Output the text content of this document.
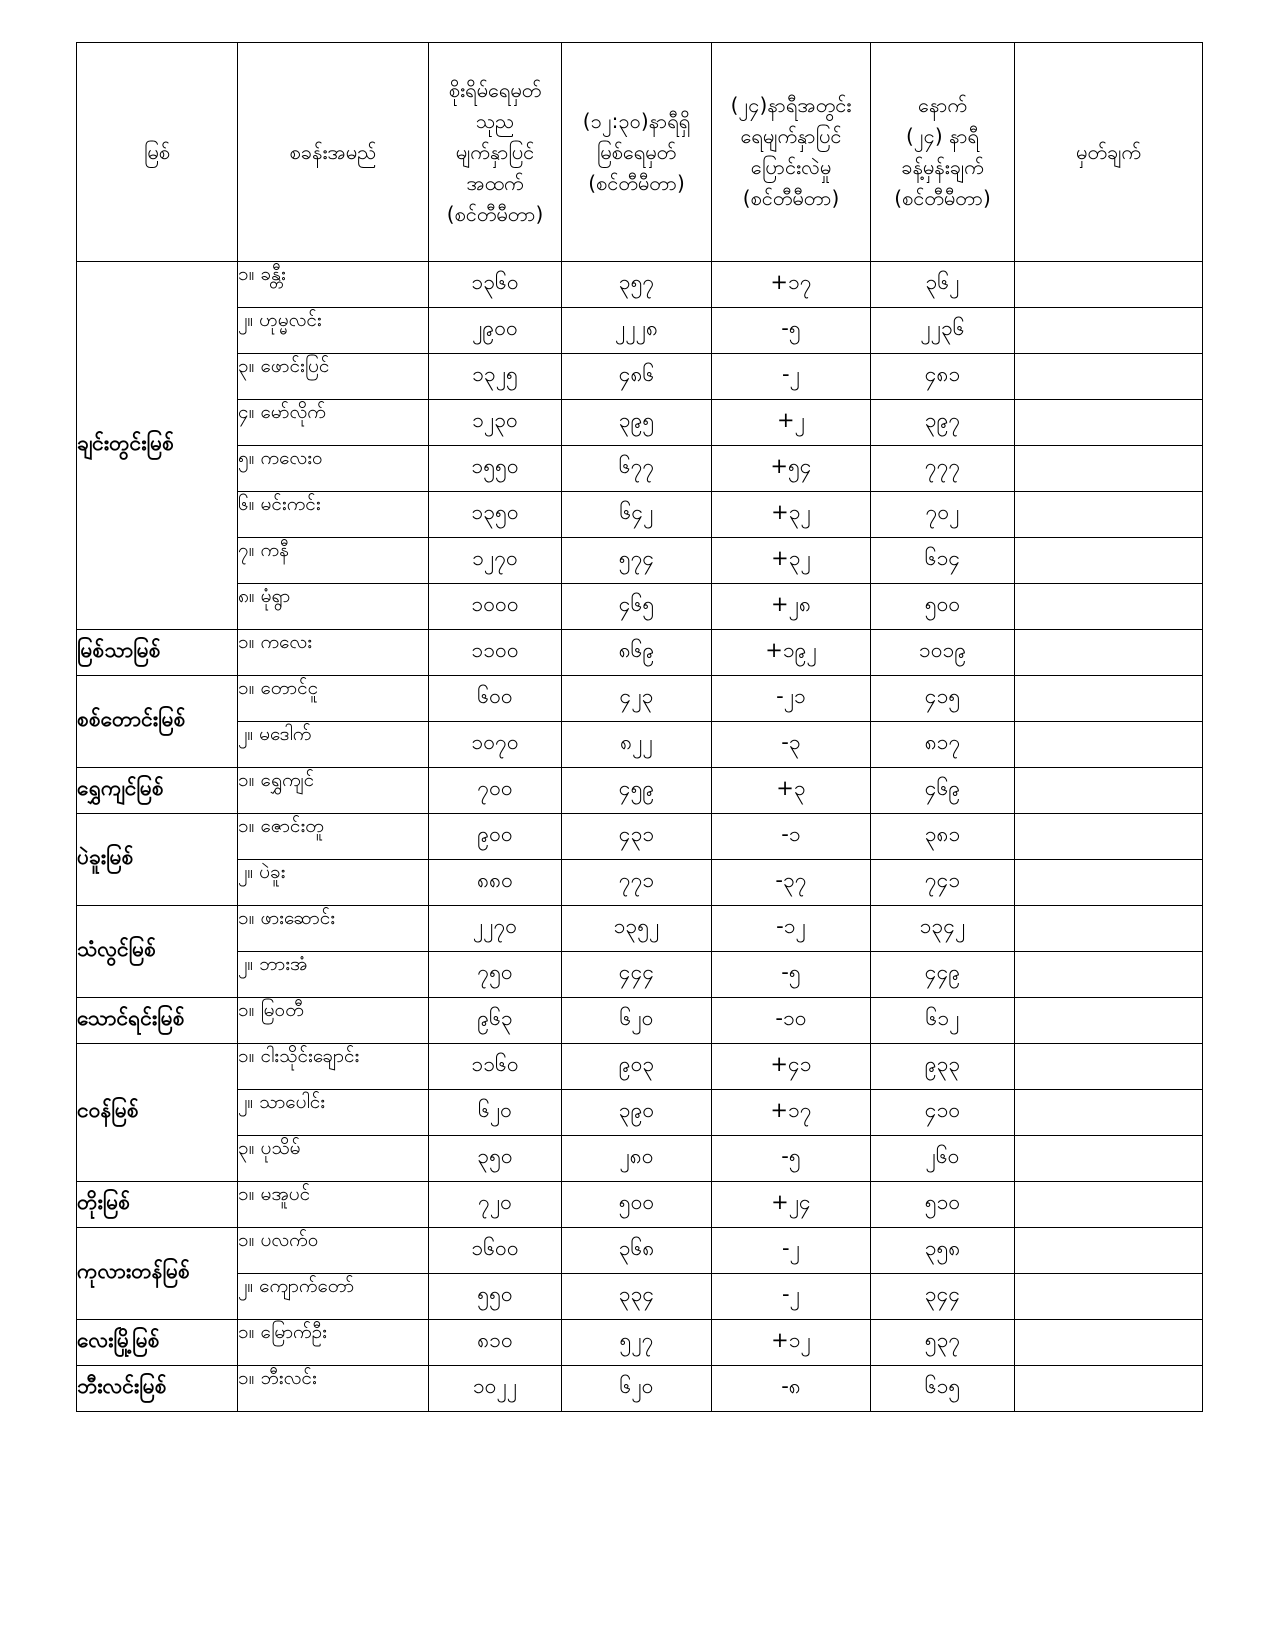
မြစ်	စခန်းအမည်	စိုးရိမ်ရေမှတ်
သုည
မျက်နှာပြင်
အထက်
(စင်တီမီတာ)	(၁၂:၃၀)နာရီရှိ
မြစ်ရေမှတ်
(စင်တီမီတာ)	(၂၄)နာရီအတွင်း
ရေမျက်နှာပြင်
ပြောင်းလဲမှု
(စင်တီမီတာ)	နောက်
(၂၄) နာရီ
ခန့်မှန်းချက်
(စင်တီမီတာ)	မှတ်ချက်
ချင်းတွင်းမြစ်	၁။ ခန္တီး	၁၃၆၀	၃၅၇	+၁၇	၃၆၂	
	၂။ ဟုမ္မလင်း	၂၉၀၀	၂၂၂၈	-၅	၂၂၃၆	
	၃။ ဖောင်းပြင်	၁၃၂၅	၄၈၆	-၂	၄၈၁	
	၄။ မော်လိုက်	၁၂၃၀	၃၉၅	+၂	၃၉၇	
	၅။ ကလေးဝ	၁၅၅၀	၆၇၇	+၅၄	၇၇၇	
	၆။ မင်းကင်း	၁၃၅၀	၆၄၂	+၃၂	၇၀၂	
	၇။ ကနီ	၁၂၇၀	၅၇၄	+၃၂	၆၁၄	
	၈။ မုံရွာ	၁၀၀၀	၄၆၅	+၂၈	၅၀၀	
မြစ်သာမြစ်	၁။ ကလေး	၁၁၀၀	၈၆၉	+၁၉၂	၁၀၁၉	
စစ်တောင်းမြစ်	၁။ တောင်ငူ	၆၀၀	၄၂၃	-၂၁	၄၁၅	
	၂။ မဒေါက်	၁၀၇၀	၈၂၂	-၃	၈၁၇	
ရွှေကျင်မြစ်	၁။ ရွှေကျင်	၇၀၀	၄၅၉	+၃	၄၆၉	
ပဲခူးမြစ်	၁။ ဇောင်းတူ	၉၀၀	၄၃၁	-၁	၃၈၁	
	၂။ ပဲခူး	၈၈၀	၇၇၁	-၃၇	၇၄၁	
သံလွင်မြစ်	၁။ ဖားဆောင်း	၂၂၇၀	၁၃၅၂	-၁၂	၁၃၄၂	
	၂။ ဘားအံ	၇၅၀	၄၄၄	-၅	၄၄၉	
သောင်ရင်းမြစ်	၁။ မြဝတီ	၉၆၃	၆၂၀	-၁၀	၆၁၂	
ငဝန်မြစ်	၁။ ငါးသိုင်းချောင်း	၁၁၆၀	၉၀၃	+၄၁	၉၃၃	
	၂။ သာပေါင်း	၆၂၀	၃၉၀	+၁၇	၄၁၀	
	၃။ ပုသိမ်	၃၅၀	၂၈၀	-၅	၂၆၀	
တိုးမြစ်	၁။ မအူပင်	၇၂၀	၅၀၀	+၂၄	၅၁၀	
ကုလားတန်မြစ်	၁။ ပလက်ဝ	၁၆၀၀	၃၆၈	-၂	၃၅၈	
	၂။ ကျောက်တော်	၅၅၀	၃၃၄	-၂	၃၄၄	
လေးမြို့မြစ်	၁။ မြောက်ဦး	၈၁၀	၅၂၇	+၁၂	၅၃၇	
ဘီးလင်းမြစ်	၁။ ဘီးလင်း	၁၀၂၂	၆၂၀	-၈	၆၁၅	
